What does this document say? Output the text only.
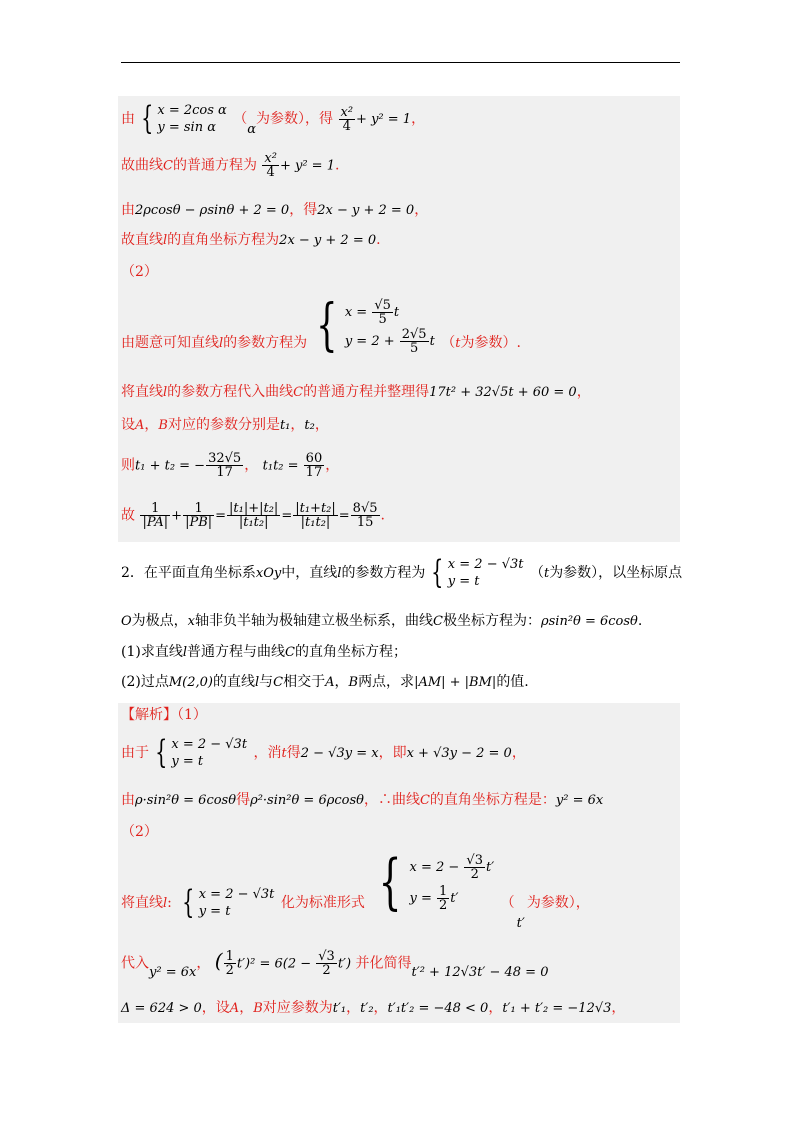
由 { x = 2cos α
y = sin α
（α为参数），得 $\frac{\text{x²}}{4} + y^2 = 1$，
故曲线C的普通方程为 $\frac{\text{x²}}{4} + y^2 = 1$.
由2ρcosθ − ρsinθ + 2 = 0，得2x − y + 2 = 0，
故直线l的直角坐标方程为2x − y + 2 = 0.
（2）
由题意可知直线l的参数方程为 { $x = \frac{√5}{5}$ t
$y = 2 + \frac{2√5}{5}$ t （t为参数）.
将直线l的参数方程代入曲线C的普通方程并整理得17t² + 32√5t + 60 = 0，
设A，B对应的参数分别是t₁，t₂，
则t₁ + t₂ = − $\frac{32√5}{17}$ ， $t_1t_2 = \frac{60}{17}$ ，
故 $\frac{1}{|PA|} + \frac{1}{|PB|} = \frac{\text{|t₁|+|t₂|}}{\text{|t₁t₂|}} = \frac{\text{|t₁+t₂|}}{\text{|t₁t₂|}} = \frac{8√5}{15}$ .
2．在平面直角坐标系xOy中，直线l的参数方程为 { x = 2 − √3t
y = t
（t为参数），以坐标原点
O为极点，x轴非负半轴为极轴建立极坐标系，曲线C极坐标方程为：ρsin²θ = 6cosθ.
(1)求直线l普通方程与曲线C的直角坐标方程；
(2)过点M(2,0)的直线l与C相交于A，B两点，求|AM| + |BM|的值.
【解析】（1）
由于 { x = 2 − √3t
y = t
，消t得2 − √3y = x，即x + √3y − 2 = 0，
由ρ·sin²θ = 6cosθ得ρ²·sin²θ = 6ρcosθ，∴曲线C的直角坐标方程是：y² = 6x
（2）
将直线l: { x = 2 − √3t
y = t
化为标准形式 { $x = 2 - \frac{√3}{2} t'$
$y = \frac{1}{2} t'$	（t′为参数），
代入y² = 6x， ( $\frac{1}{2} t')^2 = 6(2 - \frac{√3}{2} t')$ 并化简得t′² + 12√3t′ − 48 = 0
Δ = 624 > 0，设A，B对应参数为t′₁，t′₂，t′₁t′₂ = −48 < 0，t′₁ + t′₂ = −12√3，
